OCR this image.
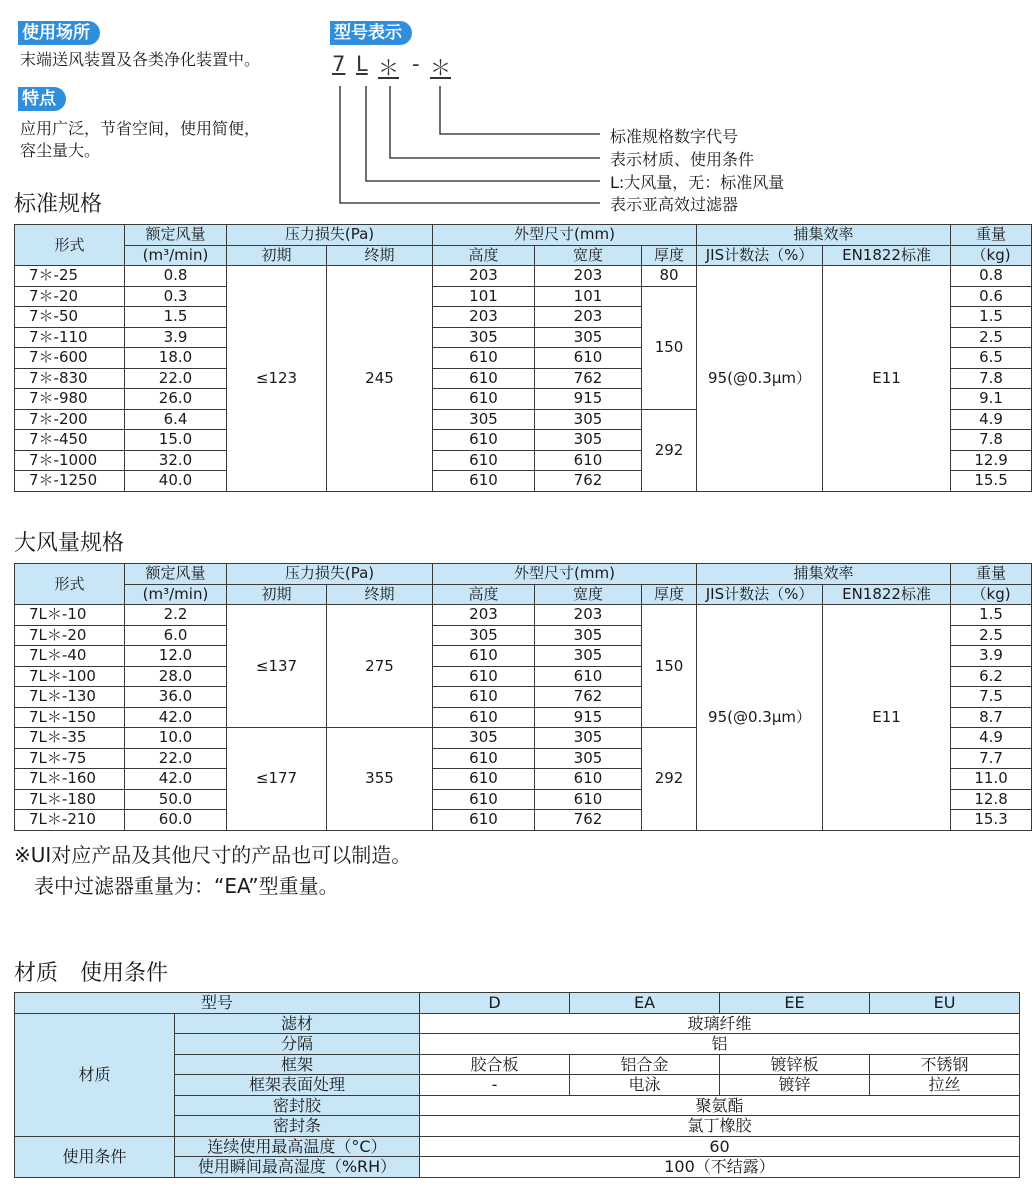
使用场所
末端送风装置及各类净化装置中。
特点
应用广泛，节省空间，使用简便，
容尘量大。
型号表示
7 L ＊ - ＊
标准规格数字代号
表示材质、使用条件
L:大风量，无：标准风量
表示亚高效过滤器
标准规格
形式	额定风量	压力损失(Pa)		外型尺寸(mm)			捕集效率		重量
	(m³/min)	初期	终期	高度	宽度	厚度	JIS计数法（%）	EN1822标准	（kg)
7＊-25	0.8	≤123	245	203	203	80	95(@0.3μm）	E11	0.8
7＊-20	0.3			101	101	150			0.6
7＊-50	1.5			203	203				1.5
7＊-110	3.9			305	305				2.5
7＊-600	18.0			610	610				6.5
7＊-830	22.0			610	762				7.8
7＊-980	26.0			610	915				9.1
7＊-200	6.4			305	305	292			4.9
7＊-450	15.0			610	305				7.8
7＊-1000	32.0			610	610				12.9
7＊-1250	40.0			610	762				15.5
大风量规格
形式	额定风量	压力损失(Pa)		外型尺寸(mm)			捕集效率		重量
	(m³/min)	初期	终期	高度	宽度	厚度	JIS计数法（%）	EN1822标准	（kg)
7L＊-10	2.2	≤137	275	203	203	150	95(@0.3μm）	E11	1.5
7L＊-20	6.0			305	305				2.5
7L＊-40	12.0			610	305				3.9
7L＊-100	28.0			610	610				6.2
7L＊-130	36.0			610	762				7.5
7L＊-150	42.0			610	915				8.7
7L＊-35	10.0	≤177	355	305	305	292			4.9
7L＊-75	22.0			610	305				7.7
7L＊-160	42.0			610	610				11.0
7L＊-180	50.0			610	610				12.8
7L＊-210	60.0			610	762				15.3
※UI对应产品及其他尺寸的产品也可以制造。
表中过滤器重量为：“EA”型重量。
材质　使用条件
型号		D	EA	EE	EU
材质	滤材	玻璃纤维			
	分隔	铝			
	框架	胶合板	铝合金	镀锌板	不锈钢
	框架表面处理	-	电泳	镀锌	拉丝
	密封胶	聚氨酯			
	密封条	氯丁橡胶			
使用条件	连续使用最高温度（°C）	60			
	使用瞬间最高湿度（%RH）	100（不结露）			
